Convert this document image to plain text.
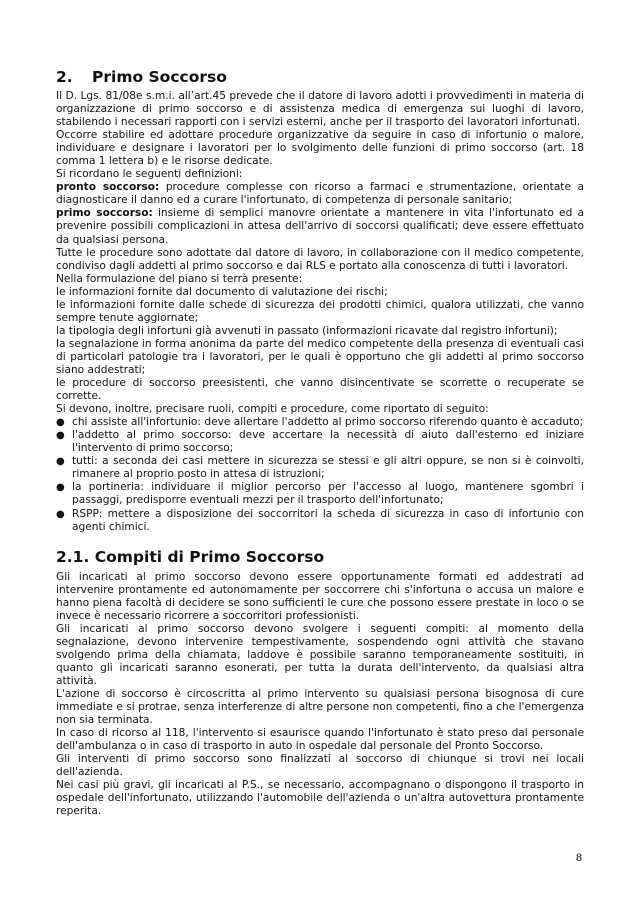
2. Primo Soccorso

Il D. Lgs. 81/08e s.m.i. all’art.45 prevede che il datore di lavoro adotti i provvedimenti in materia di organizzazione di primo soccorso e di assistenza medica di emergenza sui luoghi di lavoro, stabilendo i necessari rapporti con i servizi esterni, anche per il trasporto dei lavoratori infortunati.

Occorre stabilire ed adottare procedure organizzative da seguire in caso di infortunio o malore, individuare e designare i lavoratori per lo svolgimento delle funzioni di primo soccorso (art. 18 comma 1 lettera b) e le risorse dedicate.

Si ricordano le seguenti definizioni:

pronto soccorso: procedure complesse con ricorso a farmaci e strumentazione, orientate a diagnosticare il danno ed a curare l'infortunato, di competenza di personale sanitario;

primo soccorso: insieme di semplici manovre orientate a mantenere in vita l'infortunato ed a prevenire possibili complicazioni in attesa dell'arrivo di soccorsi qualificati; deve essere effettuato da qualsiasi persona.

Tutte le procedure sono adottate dal datore di lavoro, in collaborazione con il medico competente, condiviso dagli addetti al primo soccorso e dai RLS e portato alla conoscenza di tutti i lavoratori.

Nella formulazione del piano si terrà presente:

le informazioni fornite dal documento di valutazione dei rischi;

le informazioni fornite dalle schede di sicurezza dei prodotti chimici, qualora utilizzati, che vanno sempre tenute aggiornate;

la tipologia degli infortuni già avvenuti in passato (informazioni ricavate dal registro infortuni);

la segnalazione in forma anonima da parte del medico competente della presenza di eventuali casi di particolari patologie tra i lavoratori, per le quali è opportuno che gli addetti al primo soccorso siano addestrati;

le procedure di soccorso preesistenti, che vanno disincentivate se scorrette o recuperate se corrette.

Si devono, inoltre, precisare ruoli, compiti e procedure, come riportato di seguito:

● chi assiste all'infortunio: deve allertare l'addetto al primo soccorso riferendo quanto è accaduto;
● l'addetto al primo soccorso: deve accertare la necessità di aiuto dall'esterno ed iniziare l'intervento di primo soccorso;
● tutti: a seconda dei casi mettere in sicurezza se stessi e gli altri oppure, se non si è coinvolti, rimanere al proprio posto in attesa di istruzioni;
● la portineria: individuare il miglior percorso per l'accesso al luogo, mantenere sgombri i passaggi, predisporre eventuali mezzi per il trasporto dell'infortunato;
● RSPP: mettere a disposizione dei soccorritori la scheda di sicurezza in caso di infortunio con agenti chimici.
2.1. Compiti di Primo Soccorso

Gli incaricati al primo soccorso devono essere opportunamente formati ed addestrati ad intervenire prontamente ed autonomamente per soccorrere chi s'infortuna o accusa un malore e hanno piena facoltà di decidere se sono sufficienti le cure che possono essere prestate in loco o se invece è necessario ricorrere a soccorritori professionisti.

Gli incaricati al primo soccorso devono svolgere i seguenti compiti: al momento della segnalazione, devono intervenire tempestivamente, sospendendo ogni attività che stavano svolgendo prima della chiamata, laddove è possibile saranno temporaneamente sostituiti, in quanto gli incaricati saranno esonerati, per tutta la durata dell'intervento, da qualsiasi altra attività.

L'azione di soccorso è circoscritta al primo intervento su qualsiasi persona bisognosa di cure immediate e si protrae, senza interferenze di altre persone non competenti, fino a che l'emergenza non sia terminata.

In caso di ricorso al 118, l'intervento si esaurisce quando l'infortunato è stato preso dal personale dell'ambulanza o in caso di trasporto in auto in ospedale dal personale del Pronto Soccorso.

Gli interventi di primo soccorso sono finalizzati al soccorso di chiunque si trovi nei locali dell'azienda.

Nei casi più gravi, gli incaricati al P.S., se necessario, accompagnano o dispongono il trasporto in ospedale dell'infortunato, utilizzando l'automobile dell'azienda o un'altra autovettura prontamente reperita.

8
